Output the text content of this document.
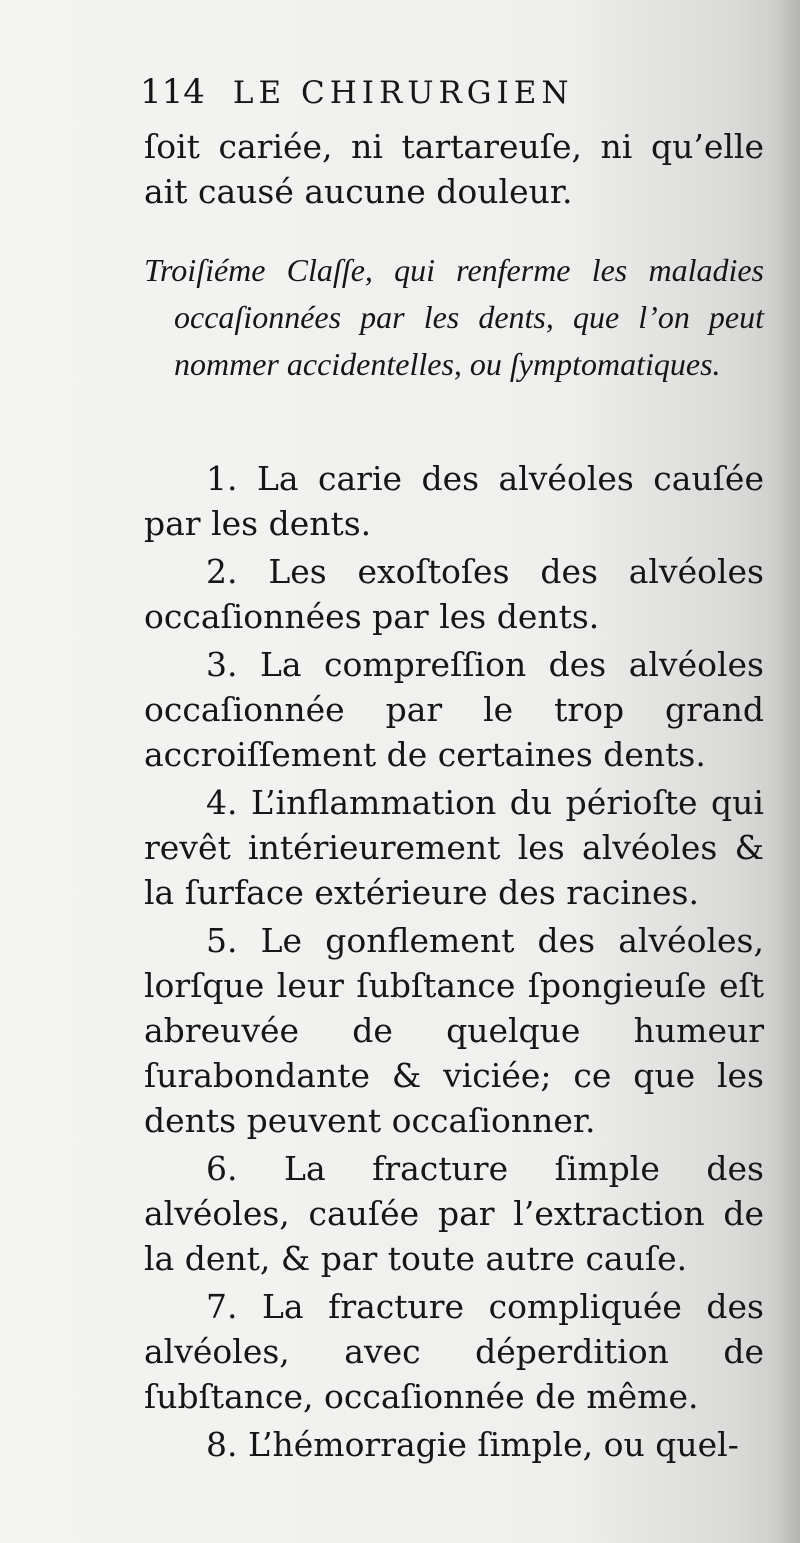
114 LE CHIRURGIEN

ſoit cariée, ni tartareuſe, ni qu’elle ait causé aucune douleur.

Troiſiéme Claſſe, qui renferme les maladies occaſionnées par les dents, que l’on peut nommer accidentelles, ou ſymptomatiques.

1. La carie des alvéoles cauſée par les dents.

2. Les exoſtoſes des alvéoles occaſionnées par les dents.

3. La compreſſion des alvéoles occaſionnée par le trop grand accroiſſement de certaines dents.

4. L’inflammation du périoſte qui revêt intérieurement les alvéoles & la ſurface extérieure des racines.

5. Le gonflement des alvéoles, lorſque leur ſubſtance ſpongieuſe eſt abreuvée de quelque humeur ſurabondante & viciée; ce que les dents peuvent occaſionner.

6. La fracture ſimple des alvéoles, cauſée par l’extraction de la dent, & par toute autre cauſe.

7. La fracture compliquée des alvéoles, avec déperdition de ſubſtance, occaſionnée de même.

8. L’hémorragie ſimple, ou quel-
